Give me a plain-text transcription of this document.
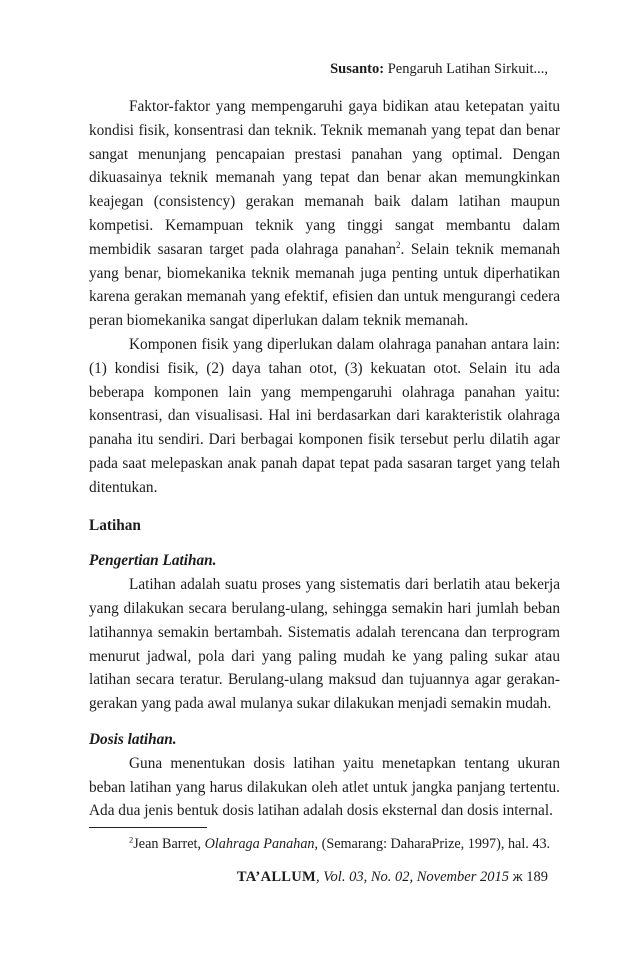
Susanto: Pengaruh Latihan Sirkuit...,

Faktor-faktor yang mempengaruhi gaya bidikan atau ketepatan yaitu kondisi fisik, konsentrasi dan teknik. Teknik memanah yang tepat dan benar sangat menunjang pencapaian prestasi panahan yang optimal. Dengan dikuasainya teknik memanah yang tepat dan benar akan memungkinkan keajegan (consistency) gerakan memanah baik dalam latihan maupun kompetisi. Kemampuan teknik yang tinggi sangat membantu dalam membidik sasaran target pada olahraga panahan$^2$. Selain teknik memanah yang benar, biomekanika teknik memanah juga penting untuk diperhatikan karena gerakan memanah yang efektif, efisien dan untuk mengurangi cedera peran biomekanika sangat diperlukan dalam teknik memanah.

Komponen fisik yang diperlukan dalam olahraga panahan antara lain: (1) kondisi fisik, (2) daya tahan otot, (3) kekuatan otot. Selain itu ada beberapa komponen lain yang mempengaruhi olahraga panahan yaitu: konsentrasi, dan visualisasi. Hal ini berdasarkan dari karakteristik olahraga panaha itu sendiri. Dari berbagai komponen fisik tersebut perlu dilatih agar pada saat melepaskan anak panah dapat tepat pada sasaran target yang telah ditentukan.

Latihan

Pengertian Latihan.

Latihan adalah suatu proses yang sistematis dari berlatih atau bekerja yang dilakukan secara berulang-ulang, sehingga semakin hari jumlah beban latihannya semakin bertambah. Sistematis adalah terencana dan terprogram menurut jadwal, pola dari yang paling mudah ke yang paling sukar atau latihan secara teratur. Berulang-ulang maksud dan tujuannya agar gerakan-gerakan yang pada awal mulanya sukar dilakukan menjadi semakin mudah.

Dosis latihan.

Guna menentukan dosis latihan yaitu menetapkan tentang ukuran beban latihan yang harus dilakukan oleh atlet untuk jangka panjang tertentu. Ada dua jenis bentuk dosis latihan adalah dosis eksternal dan dosis internal.

$^2$Jean Barret, Olahraga Panahan, (Semarang: DaharaPrize, 1997), hal. 43.
TA’ALLUM, Vol. 03, No. 02, November 2015 ж 189
